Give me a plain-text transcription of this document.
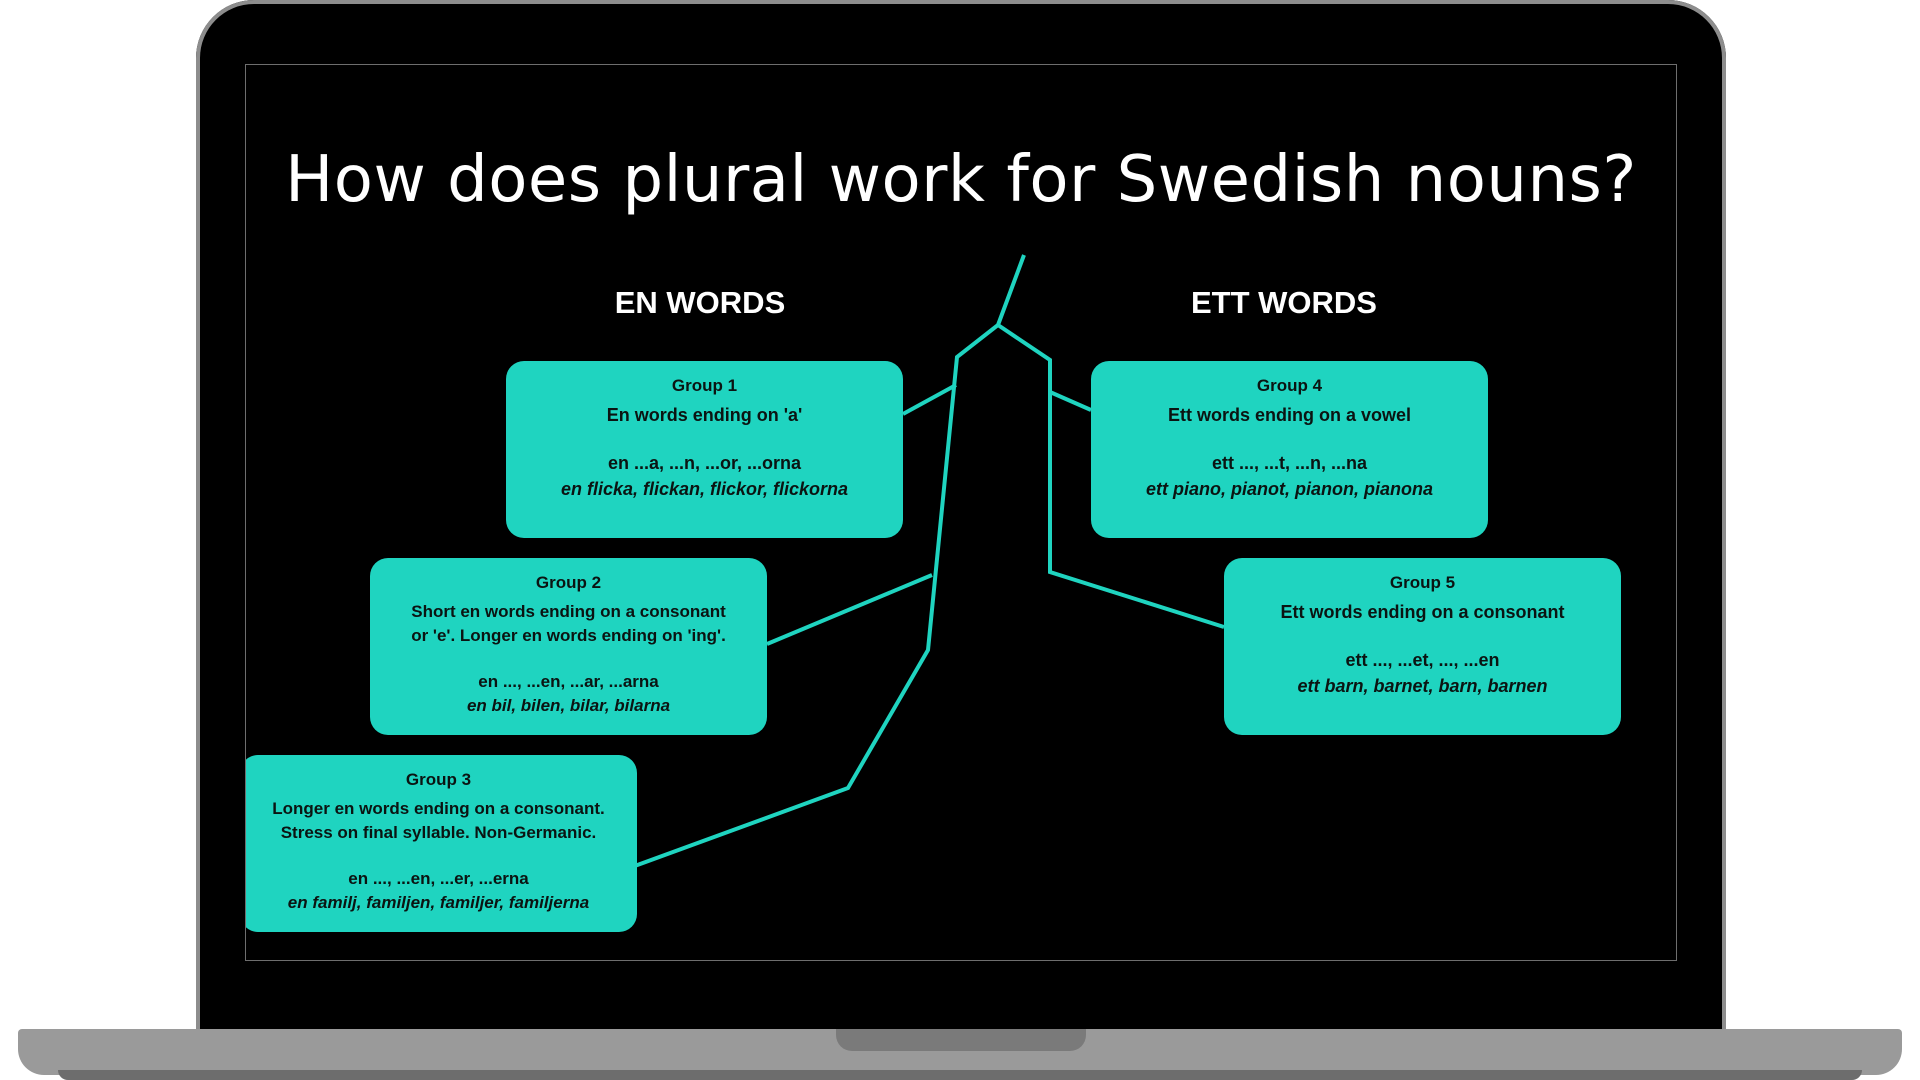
How does plural work for Swedish nouns?
EN WORDS	ETT WORDS
Group 1
En words ending on 'a'
en ...a, ...n, ...or, ...orna
en flicka, flickan, flickor, flickorna
Group 2
Short en words ending on a consonant
or 'e'. Longer en words ending on 'ing'.
en ..., ...en, ...ar, ...arna
en bil, bilen, bilar, bilarna
Group 3
Longer en words ending on a consonant.
Stress on final syllable. Non-Germanic.
en ..., ...en, ...er, ...erna
en familj, familjen, familjer, familjerna
Group 4
Ett words ending on a vowel
ett ..., ...t, ...n, ...na
ett piano, pianot, pianon, pianona
Group 5
Ett words ending on a consonant
ett ..., ...et, ..., ...en
ett barn, barnet, barn, barnen
